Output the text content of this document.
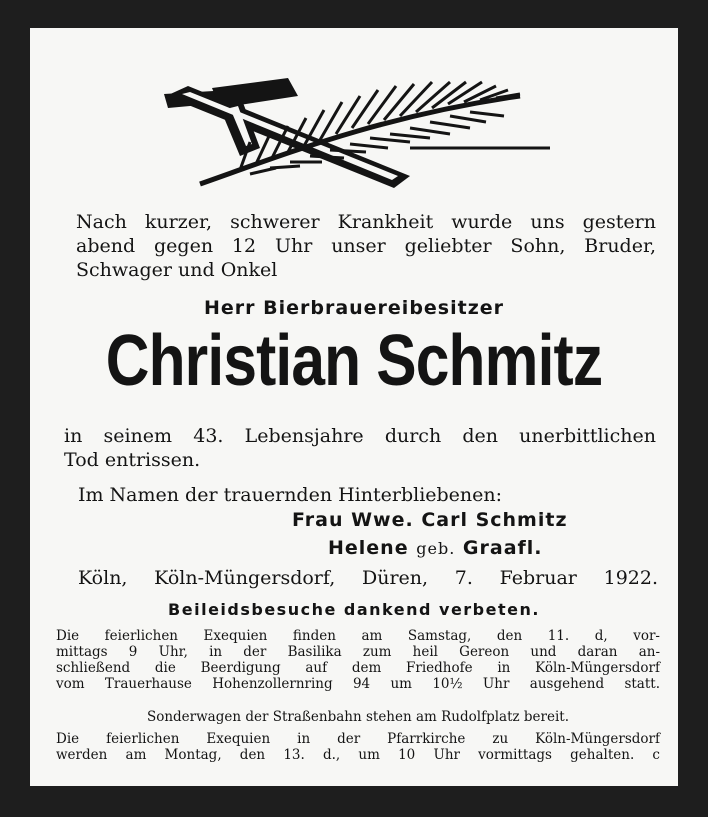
Nach kurzer, schwerer Krankheit wurde uns gestern
abend gegen 12 Uhr unser geliebter Sohn, Bruder,
Schwager und Onkel
Herr Bierbrauereibesitzer
Christian Schmitz
in seinem 43. Lebensjahre durch den unerbittlichen
Tod entrissen.
Im Namen der trauernden Hinterbliebenen:
Frau Wwe. Carl Schmitz
Helene geb. Graafl.
Köln, Köln-Müngersdorf, Düren, 7. Februar 1922.
Beileidsbesuche dankend verbeten.
Die feierlichen Exequien finden am Samstag, den 11. d, vor-
mittags 9 Uhr, in der Basilika zum heil Gereon und daran an-
schließend die Beerdigung auf dem Friedhofe in Köln-Müngersdorf
vom Trauerhause Hohenzollernring 94 um 10½ Uhr ausgehend statt.
Sonderwagen der Straßenbahn stehen am Rudolfplatz bereit.
Die feierlichen Exequien in der Pfarrkirche zu Köln-Müngersdorf
werden am Montag, den 13. d., um 10 Uhr vormittags gehalten. c
